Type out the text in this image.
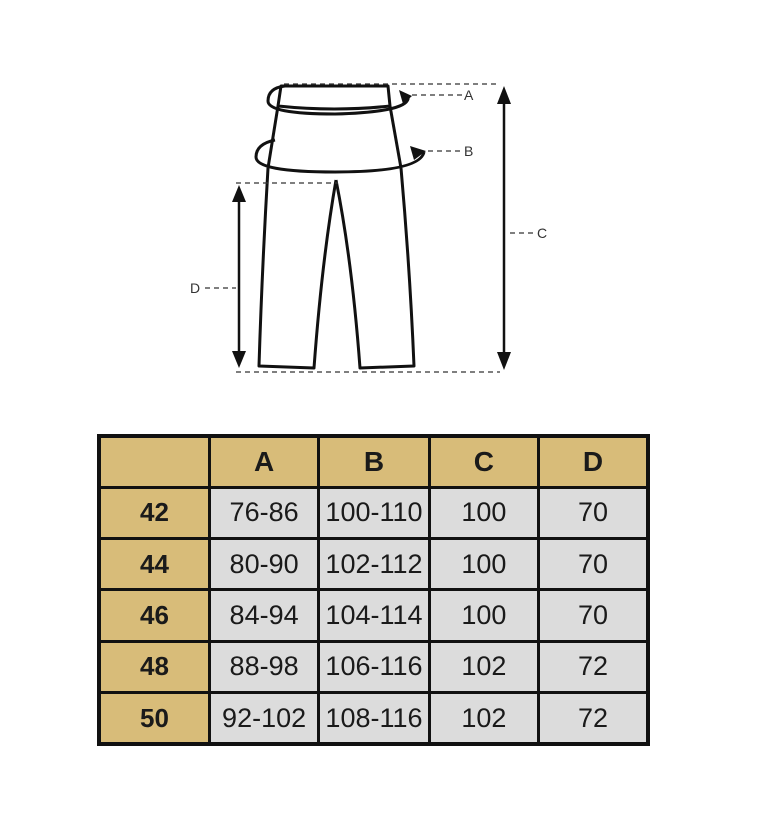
A
B
C
D
	A	B	C	D
42	76-86	100-110	100	70
44	80-90	102-112	100	70
46	84-94	104-114	100	70
48	88-98	106-116	102	72
50	92-102	108-116	102	72
